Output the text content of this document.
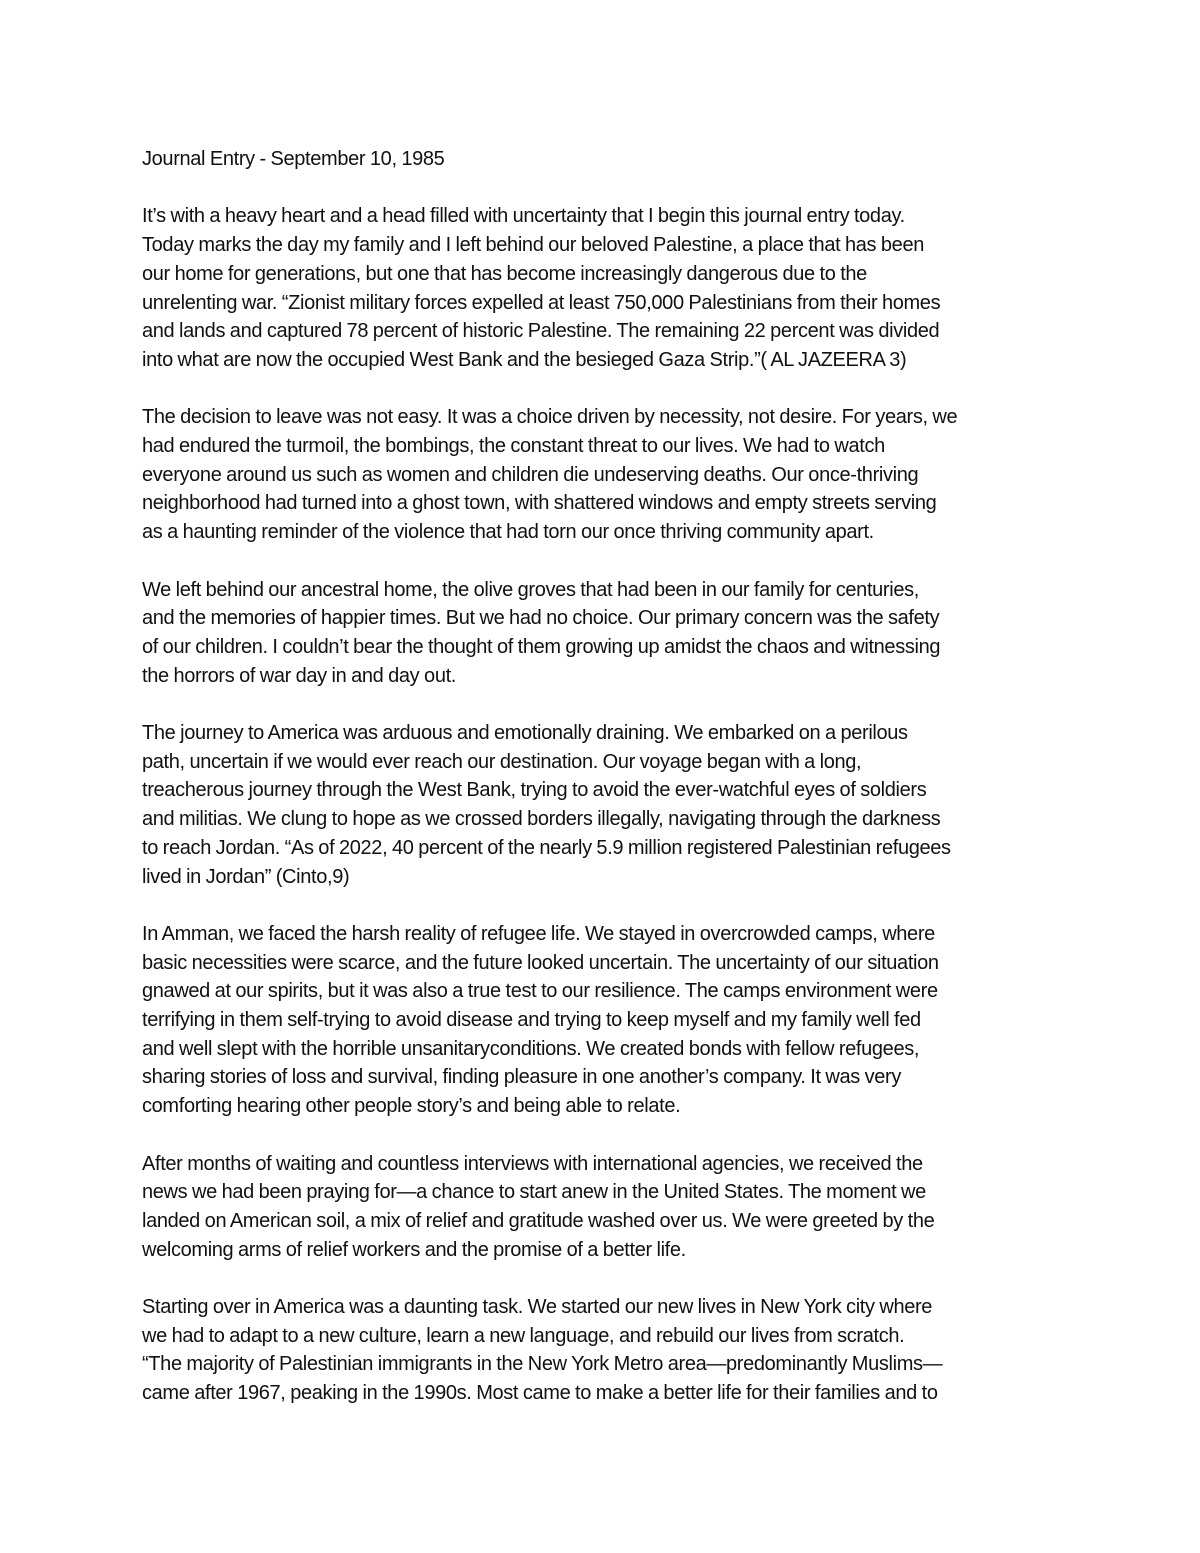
Journal Entry - September 10, 1985
It’s with a heavy heart and a head filled with uncertainty that I begin this journal entry today.
Today marks the day my family and I left behind our beloved Palestine, a place that has been
our home for generations, but one that has become increasingly dangerous due to the
unrelenting war. “Zionist military forces expelled at least 750,000 Palestinians from their homes
and lands and captured 78 percent of historic Palestine. The remaining 22 percent was divided
into what are now the occupied West Bank and the besieged Gaza Strip.”( AL JAZEERA 3)
The decision to leave was not easy. It was a choice driven by necessity, not desire. For years, we
had endured the turmoil, the bombings, the constant threat to our lives. We had to watch
everyone around us such as women and children die undeserving deaths. Our once-thriving
neighborhood had turned into a ghost town, with shattered windows and empty streets serving
as a haunting reminder of the violence that had torn our once thriving community apart.
We left behind our ancestral home, the olive groves that had been in our family for centuries,
and the memories of happier times. But we had no choice. Our primary concern was the safety
of our children. I couldn’t bear the thought of them growing up amidst the chaos and witnessing
the horrors of war day in and day out.
The journey to America was arduous and emotionally draining. We embarked on a perilous
path, uncertain if we would ever reach our destination. Our voyage began with a long,
treacherous journey through the West Bank, trying to avoid the ever-watchful eyes of soldiers
and militias. We clung to hope as we crossed borders illegally, navigating through the darkness
to reach Jordan. “As of 2022, 40 percent of the nearly 5.9 million registered Palestinian refugees
lived in Jordan” (Cinto,9)
In Amman, we faced the harsh reality of refugee life. We stayed in overcrowded camps, where
basic necessities were scarce, and the future looked uncertain. The uncertainty of our situation
gnawed at our spirits, but it was also a true test to our resilience. The camps environment were
terrifying in them self-trying to avoid disease and trying to keep myself and my family well fed
and well slept with the horrible unsanitaryconditions. We created bonds with fellow refugees,
sharing stories of loss and survival, finding pleasure in one another’s company. It was very
comforting hearing other people story’s and being able to relate.
After months of waiting and countless interviews with international agencies, we received the
news we had been praying for—a chance to start anew in the United States. The moment we
landed on American soil, a mix of relief and gratitude washed over us. We were greeted by the
welcoming arms of relief workers and the promise of a better life.
Starting over in America was a daunting task. We started our new lives in New York city where
we had to adapt to a new culture, learn a new language, and rebuild our lives from scratch.
“The majority of Palestinian immigrants in the New York Metro area—predominantly Muslims—
came after 1967, peaking in the 1990s. Most came to make a better life for their families and to
